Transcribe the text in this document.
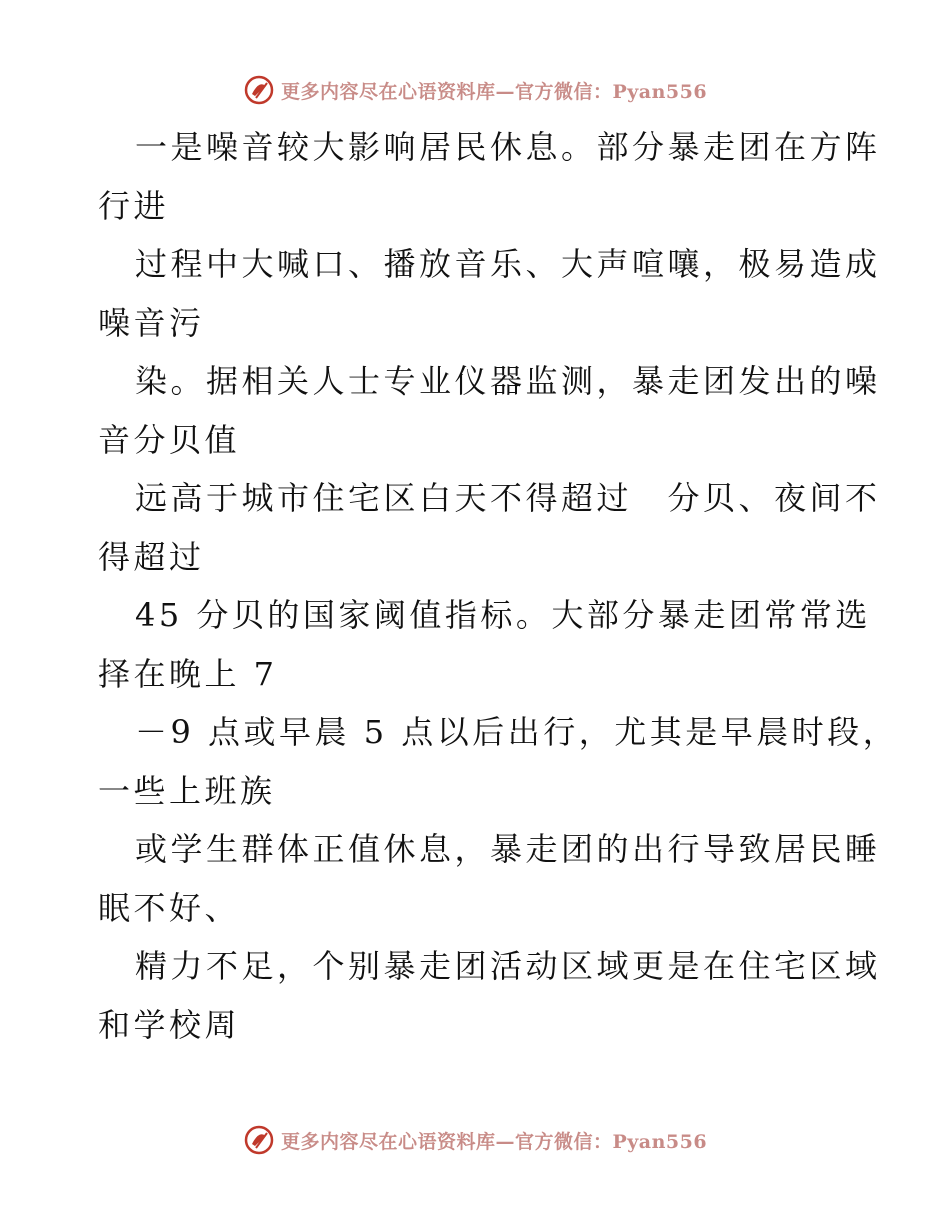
更多内容尽在心语资料库—官方微信：Pyan556
一是噪音较大影响居民休息。部分暴走团在方阵
行进
过程中大喊口、播放音乐、大声喧嚷，极易造成
噪音污
染。据相关人士专业仪器监测，暴走团发出的噪
音分贝值
远高于城市住宅区白天不得超过　分贝、夜间不
得超过
45 分贝的国家阈值指标。大部分暴走团常常选
择在晚上 7
－9 点或早晨 5 点以后出行，尤其是早晨时段，
一些上班族
或学生群体正值休息，暴走团的出行导致居民睡
眠不好、
精力不足，个别暴走团活动区域更是在住宅区域
和学校周
更多内容尽在心语资料库—官方微信：Pyan556
